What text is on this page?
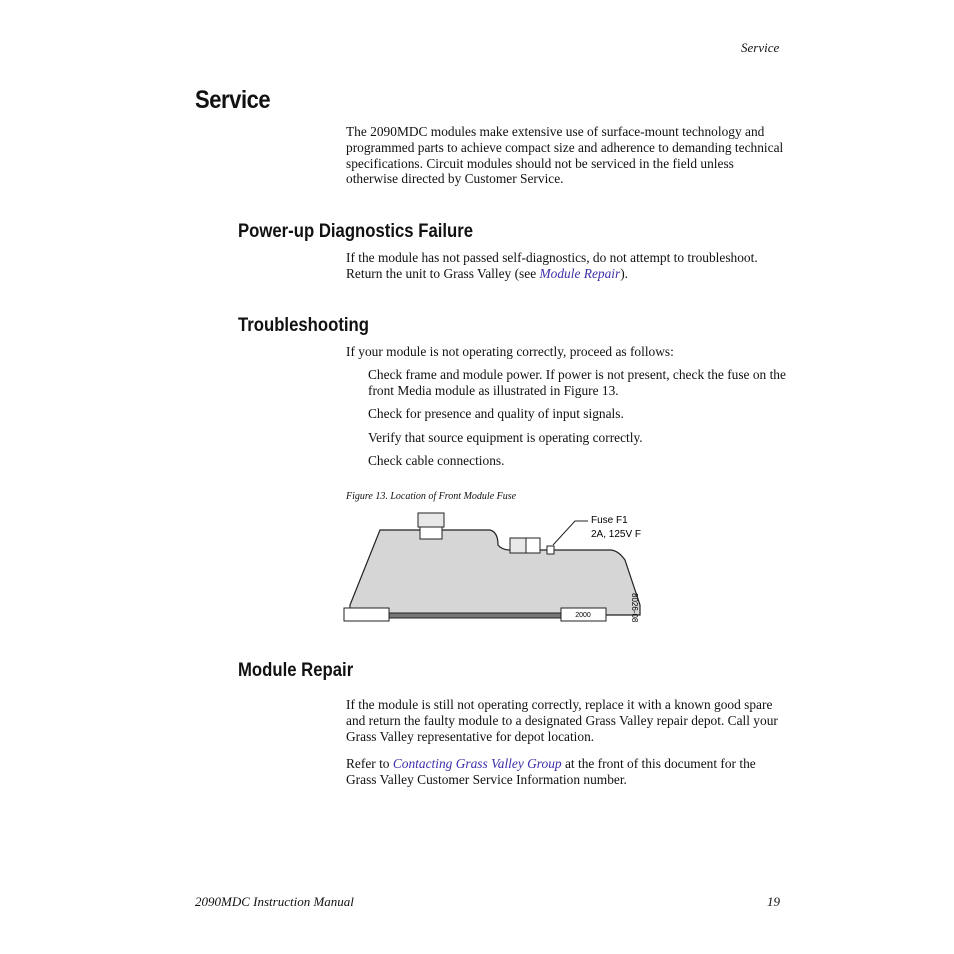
Service
Service
The 2090MDC modules make extensive use of surface-mount technology and programmed parts to achieve compact size and adherence to demanding technical specifications. Circuit modules should not be serviced in the field unless otherwise directed by Customer Service.
Power-up Diagnostics Failure
If the module has not passed self-diagnostics, do not attempt to troubleshoot. Return the unit to Grass Valley (see Module Repair).
Troubleshooting
If your module is not operating correctly, proceed as follows:
Check frame and module power. If power is not present, check the fuse on the front Media module as illustrated in Figure 13.
Check for presence and quality of input signals.
Verify that source equipment is operating correctly.
Check cable connections.
Figure 13. Location of Front Module Fuse
2000
Fuse F1
2A, 125V F
8026-08
Module Repair
If the module is still not operating correctly, replace it with a known good spare and return the faulty module to a designated Grass Valley repair depot. Call your Grass Valley representative for depot location.
Refer to Contacting Grass Valley Group at the front of this document for the Grass Valley Customer Service Information number.
2090MDC Instruction Manual	19
